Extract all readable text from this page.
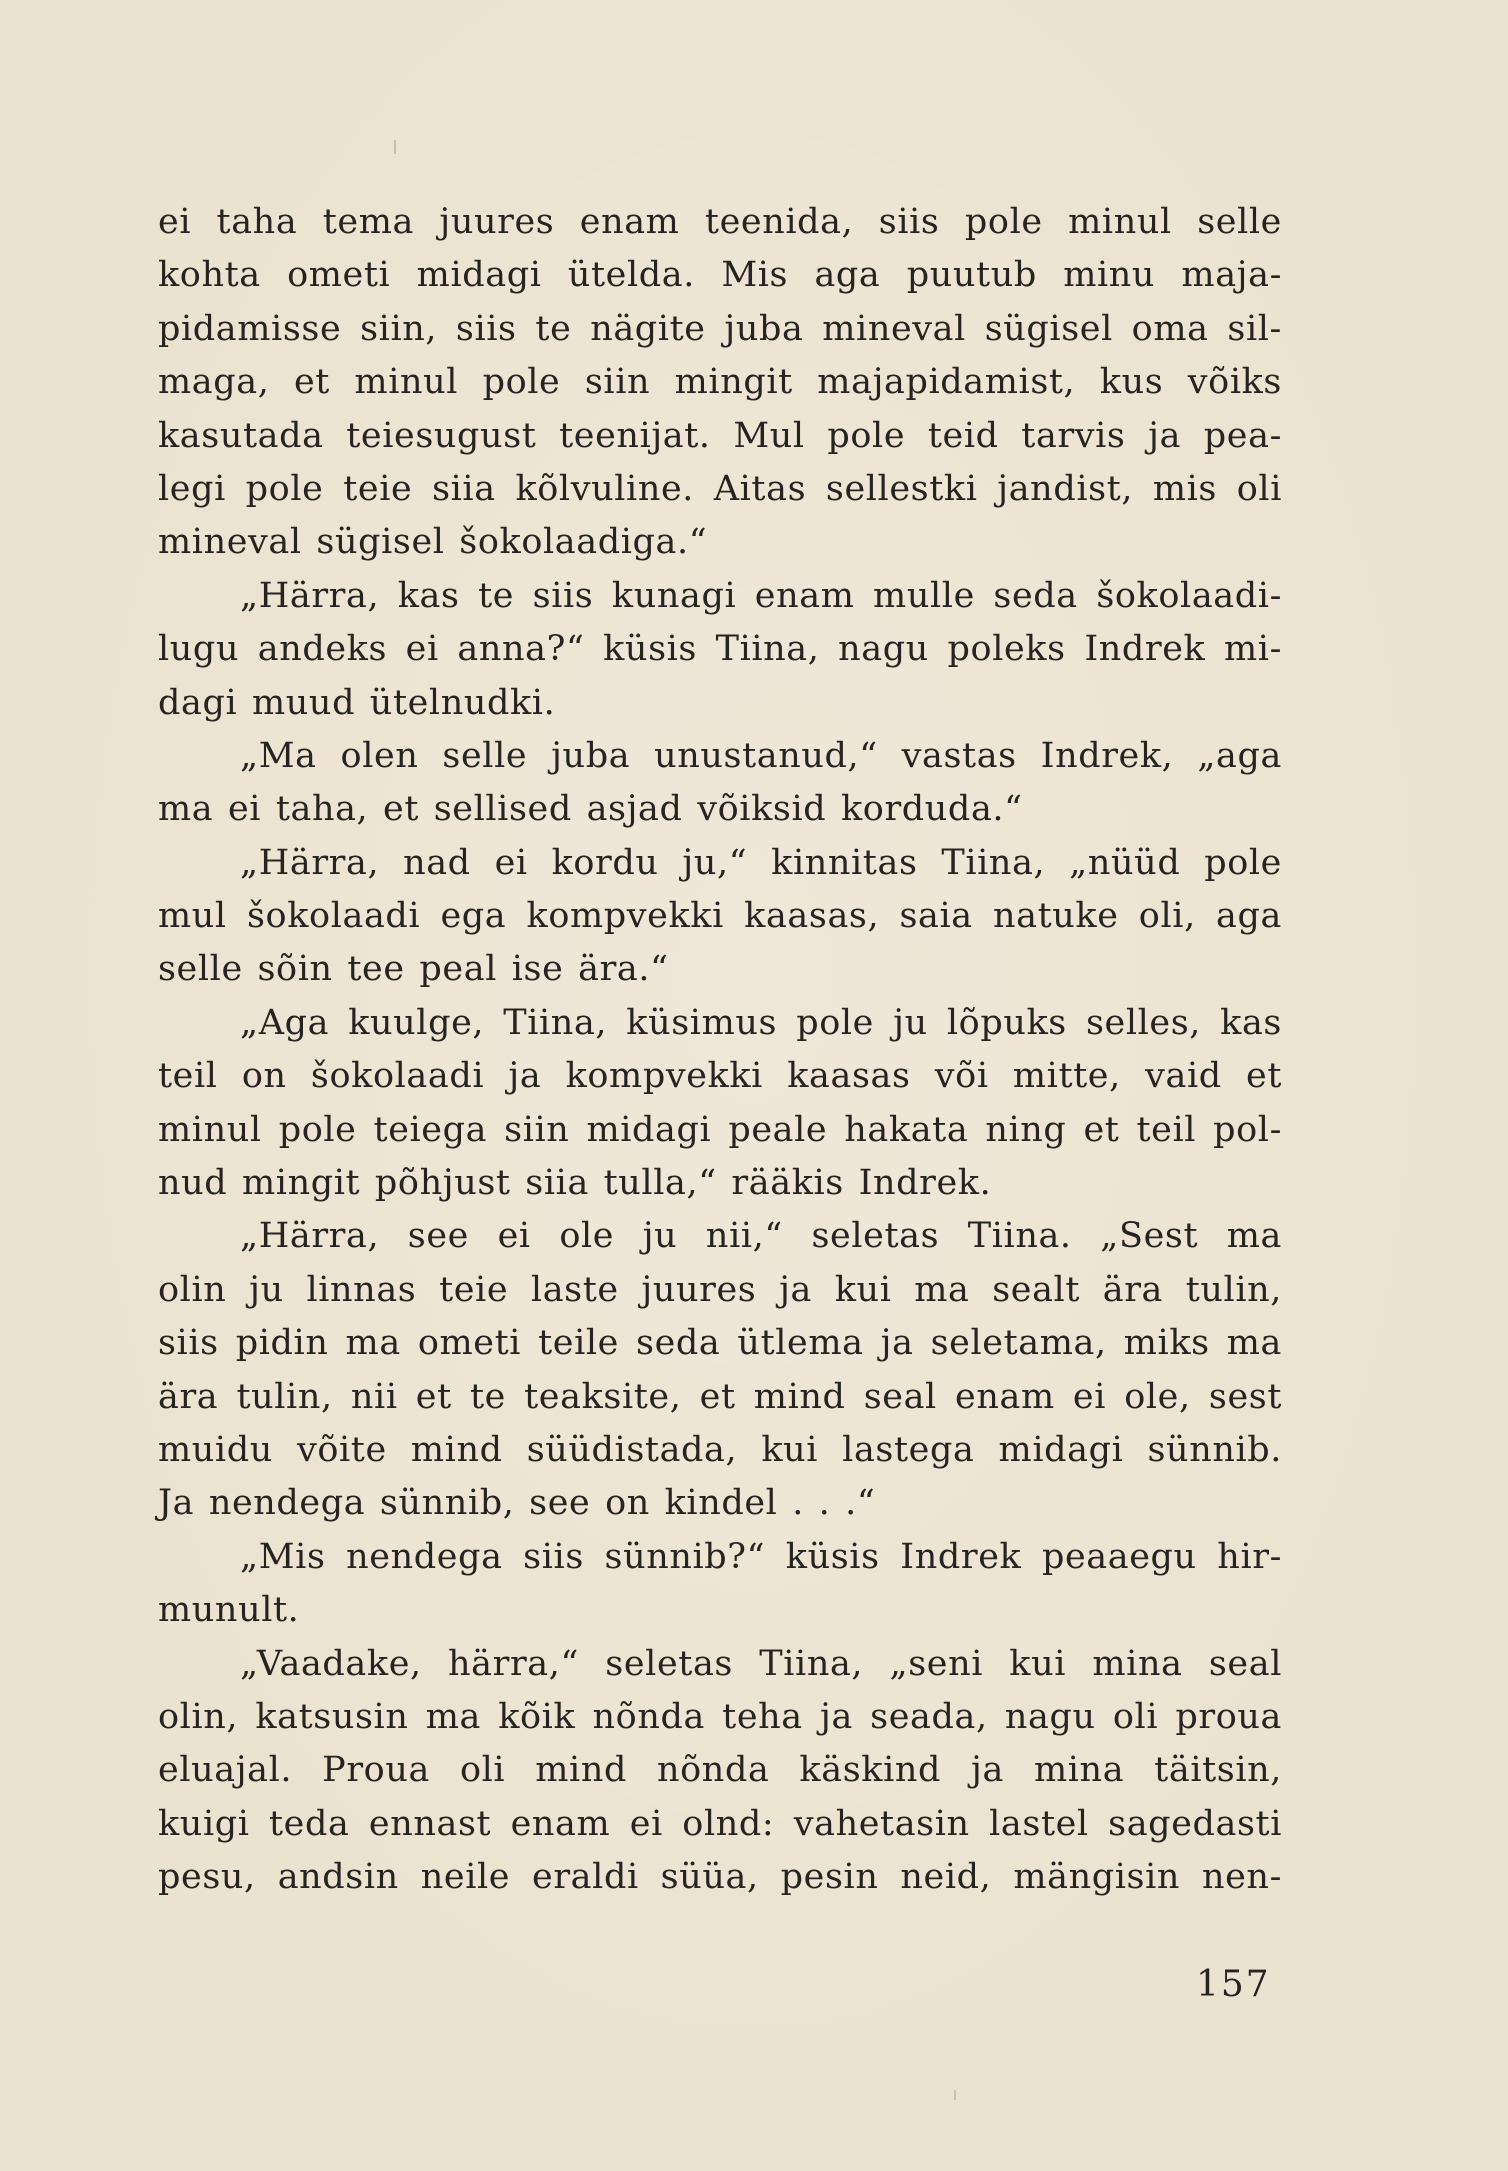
ei taha tema juures enam teenida, siis pole minul selle
kohta ometi midagi ütelda. Mis aga puutub minu maja-
pidamisse siin, siis te nägite juba mineval sügisel oma sil-
maga, et minul pole siin mingit majapidamist, kus võiks
kasutada teiesugust teenijat. Mul pole teid tarvis ja pea-
legi pole teie siia kõlvuline. Aitas sellestki jandist, mis oli
mineval sügisel šokolaadiga.“
„Härra, kas te siis kunagi enam mulle seda šokolaadi-
lugu andeks ei anna?“ küsis Tiina, nagu poleks Indrek mi-
dagi muud ütelnudki.
„Ma olen selle juba unustanud,“ vastas Indrek, „aga
ma ei taha, et sellised asjad võiksid korduda.“
„Härra, nad ei kordu ju,“ kinnitas Tiina, „nüüd pole
mul šokolaadi ega kompvekki kaasas, saia natuke oli, aga
selle sõin tee peal ise ära.“
„Aga kuulge, Tiina, küsimus pole ju lõpuks selles, kas
teil on šokolaadi ja kompvekki kaasas või mitte, vaid et
minul pole teiega siin midagi peale hakata ning et teil pol-
nud mingit põhjust siia tulla,“ rääkis Indrek.
„Härra, see ei ole ju nii,“ seletas Tiina. „Sest ma
olin ju linnas teie laste juures ja kui ma sealt ära tulin,
siis pidin ma ometi teile seda ütlema ja seletama, miks ma
ära tulin, nii et te teaksite, et mind seal enam ei ole, sest
muidu võite mind süüdistada, kui lastega midagi sünnib.
Ja nendega sünnib, see on kindel . . .“
„Mis nendega siis sünnib?“ küsis Indrek peaaegu hir-
munult.
„Vaadake, härra,“ seletas Tiina, „seni kui mina seal
olin, katsusin ma kõik nõnda teha ja seada, nagu oli proua
eluajal. Proua oli mind nõnda käskind ja mina täitsin,
kuigi teda ennast enam ei olnd: vahetasin lastel sagedasti
pesu, andsin neile eraldi süüa, pesin neid, mängisin nen-
157
